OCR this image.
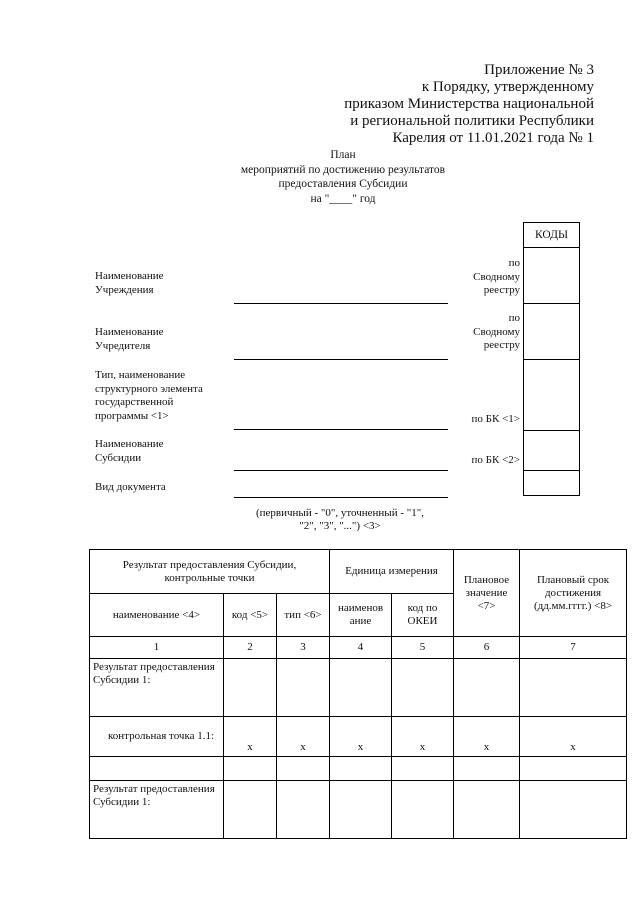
Приложение № 3
к Порядку, утвержденному
приказом Министерства национальной
и региональной политики Республики
Карелия от 11.01.2021 года № 1
План
мероприятий по достижению результатов
предоставления Субсидии
на "____" год
КОДЫ

Наименование
Учреждения
по
Сводному
реестру
Наименование
Учредителя
по
Сводному
реестру
Тип, наименование
структурного элемента
государственной
программы <1>	по БК <1>
Наименование
Субсидии	по БК <2>
Вид документа
(первичный - "0", уточненный - "1",
"2", "3", "...") <3>
Результат предоставления Субсидии, контрольные точки			Единица измерения		Плановое значение <7>	Плановый срок достижения (дд.мм.гггг.) <8>
наименование <4>	код <5>	тип <6>	наименов ание	код по ОКЕИ		
1	2	3	4	5	6	7
Результат предоставления Субсидии 1:						
контрольная точка 1.1:	x	x	x	x	x	x

Результат предоставления Субсидии 1:						
